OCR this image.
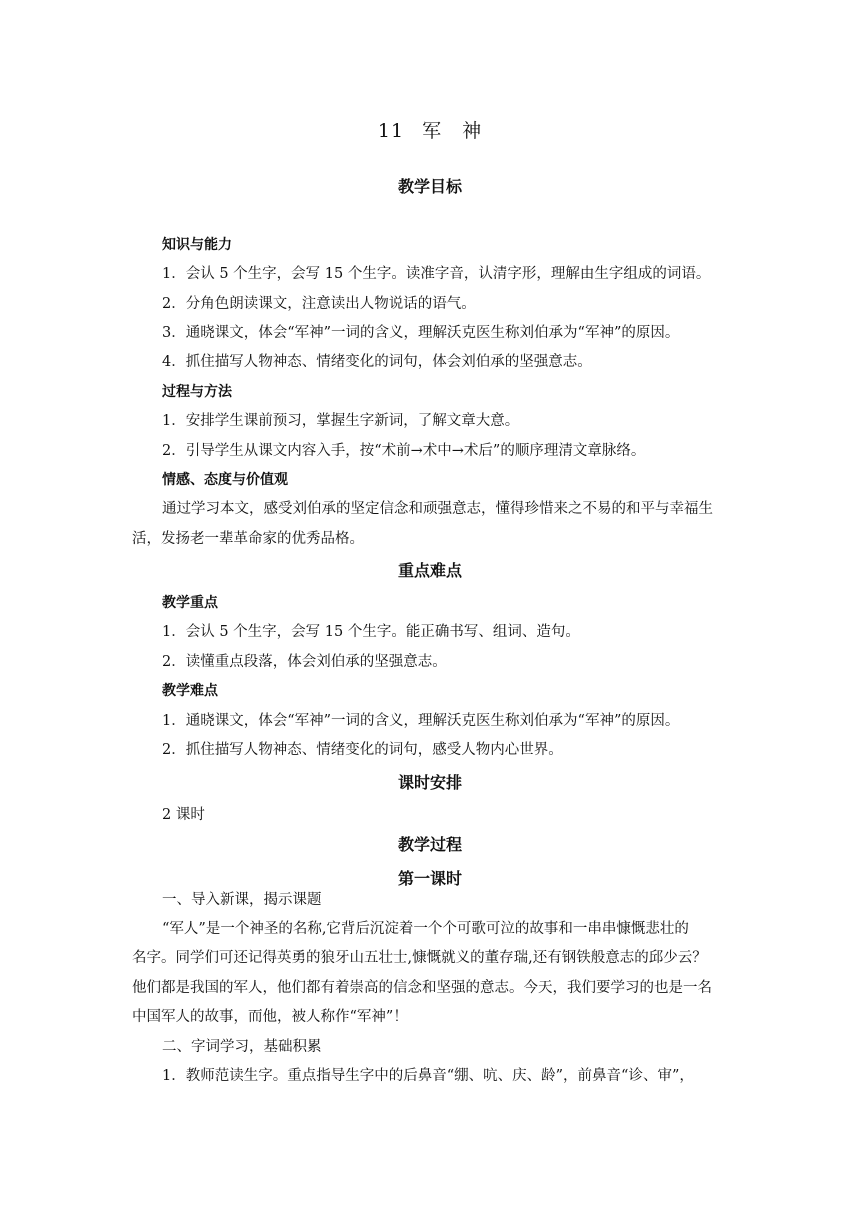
11 军　神
教学目标
知识与能力
1．会认 5 个生字，会写 15 个生字。读准字音，认清字形，理解由生字组成的词语。
2．分角色朗读课文，注意读出人物说话的语气。
3．通晓课文，体会“军神”一词的含义，理解沃克医生称刘伯承为“军神”的原因。
4．抓住描写人物神态、情绪变化的词句，体会刘伯承的坚强意志。
过程与方法
1．安排学生课前预习，掌握生字新词，了解文章大意。
2．引导学生从课文内容入手，按“术前→术中→术后”的顺序理清文章脉络。
情感、态度与价值观
通过学习本文，感受刘伯承的坚定信念和顽强意志，懂得珍惜来之不易的和平与幸福生
活，发扬老一辈革命家的优秀品格。
重点难点
教学重点
1．会认 5 个生字，会写 15 个生字。能正确书写、组词、造句。
2．读懂重点段落，体会刘伯承的坚强意志。
教学难点
1．通晓课文，体会“军神”一词的含义，理解沃克医生称刘伯承为“军神”的原因。
2．抓住描写人物神态、情绪变化的词句，感受人物内心世界。
课时安排
2 课时
教学过程
第一课时
一、导入新课，揭示课题
“军人”是一个神圣的名称,它背后沉淀着一个个可歌可泣的故事和一串串慷慨悲壮的
名字。同学们可还记得英勇的狼牙山五壮士,慷慨就义的董存瑞,还有钢铁般意志的邱少云？
他们都是我国的军人，他们都有着崇高的信念和坚强的意志。今天，我们要学习的也是一名
中国军人的故事，而他，被人称作“军神”！
二、字词学习，基础积累
1．教师范读生字。重点指导生字中的后鼻音“绷、吭、庆、龄”，前鼻音“诊、审”，
